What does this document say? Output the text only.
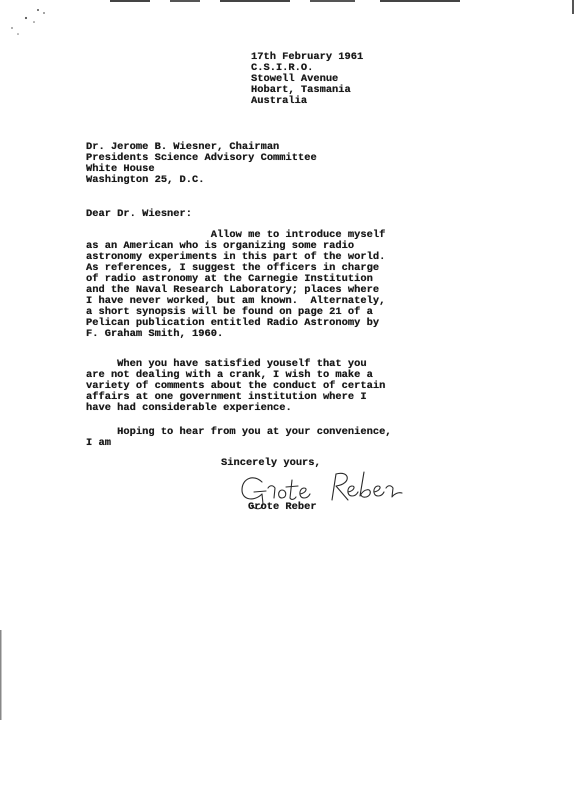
17th February 1961
C.S.I.R.O.
Stowell Avenue
Hobart, Tasmania
Australia
Dr. Jerome B. Wiesner, Chairman
Presidents Science Advisory Committee
White House
Washington 25, D.C.
Dear Dr. Wiesner:
Allow me to introduce myself
as an American who is organizing some radio
astronomy experiments in this part of the world.
As references, I suggest the officers in charge
of radio astronomy at the Carnegie Institution
and the Naval Research Laboratory; places where
I have never worked, but am known.  Alternately,
a short synopsis will be found on page 21 of a
Pelican publication entitled Radio Astronomy by
F. Graham Smith, 1960.
When you have satisfied youself that you
are not dealing with a crank, I wish to make a
variety of comments about the conduct of certain
affairs at one government institution where I
have had considerable experience.
Hoping to hear from you at your convenience,
I am
Sincerely yours,
Grote Reber
